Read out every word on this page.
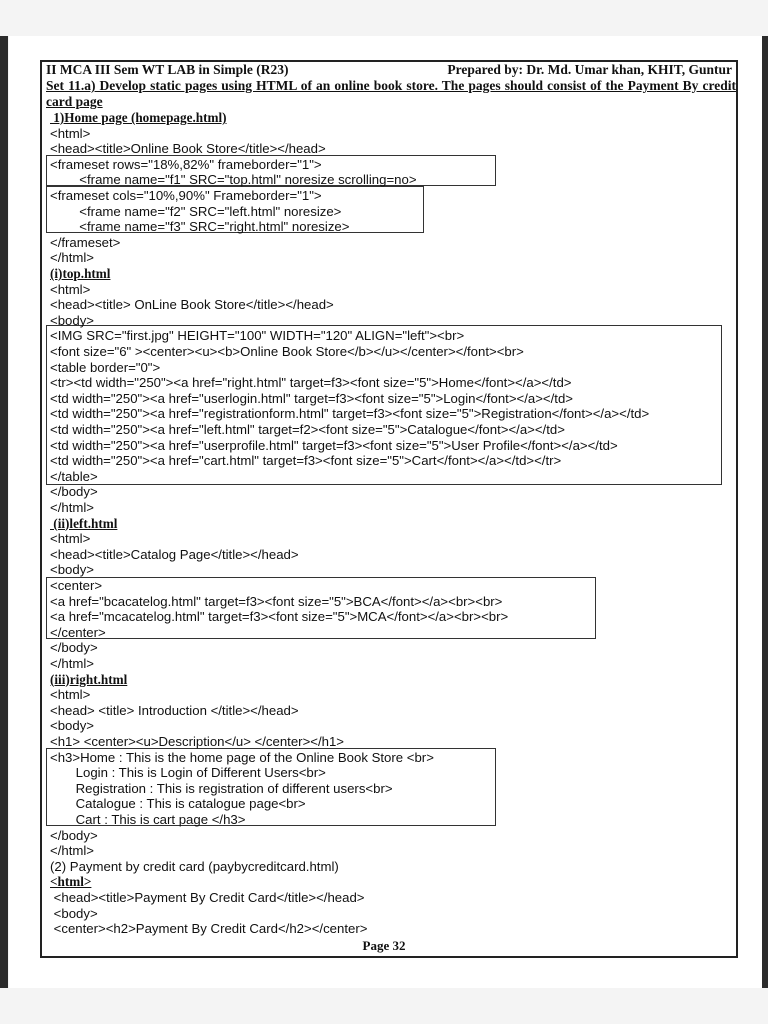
II MCA III Sem WT LAB in Simple (R23)	Prepared by: Dr. Md. Umar khan, KHIT, Guntur
Set 11.a) Develop static pages using HTML of an online book store. The pages should consist of the Payment By credit card page
1)Home page (homepage.html)
<html>
<head><title>Online Book Store</title></head>
<frameset rows="18%,82%" frameborder="1">
<frame name="f1" SRC="top.html" noresize scrolling=no>
<frameset cols="10%,90%" Frameborder="1">
<frame name="f2" SRC="left.html" noresize>
<frame name="f3" SRC="right.html" noresize>
</frameset>
</html>
(i)top.html
<html>
<head><title> OnLine Book Store</title></head>
<body>
<IMG SRC="first.jpg" HEIGHT="100" WIDTH="120" ALIGN="left"><br>
<font size="6" ><center><u><b>Online Book Store</b></u></center></font><br>
<table border="0">
<tr><td width="250"><a href="right.html" target=f3><font size="5">Home</font></a></td>
<td width="250"><a href="userlogin.html" target=f3><font size="5">Login</font></a></td>
<td width="250"><a href="registrationform.html" target=f3><font size="5">Registration</font></a></td>
<td width="250"><a href="left.html" target=f2><font size="5">Catalogue</font></a></td>
<td width="250"><a href="userprofile.html" target=f3><font size="5">User Profile</font></a></td>
<td width="250"><a href="cart.html" target=f3><font size="5">Cart</font></a></td></tr>
</table>
</body>
</html>
(ii)left.html
<html>
<head><title>Catalog Page</title></head>
<body>
<center>
<a href="bcacatelog.html" target=f3><font size="5">BCA</font></a><br><br>
<a href="mcacatelog.html" target=f3><font size="5">MCA</font></a><br><br>
</center>
</body>
</html>
(iii)right.html
<html>
<head> <title> Introduction </title></head>
<body>
<h1> <center><u>Description</u> </center></h1>
<h3>Home : This is the home page of the Online Book Store <br>
Login : This is Login of Different Users<br>
Registration : This is registration of different users<br>
Catalogue : This is catalogue page<br>
Cart : This is cart page </h3>
</body>
</html>
(2) Payment by credit card (paybycreditcard.html)
<html>
<head><title>Payment By Credit Card</title></head>
<body>
<center><h2>Payment By Credit Card</h2></center>
Page 32
